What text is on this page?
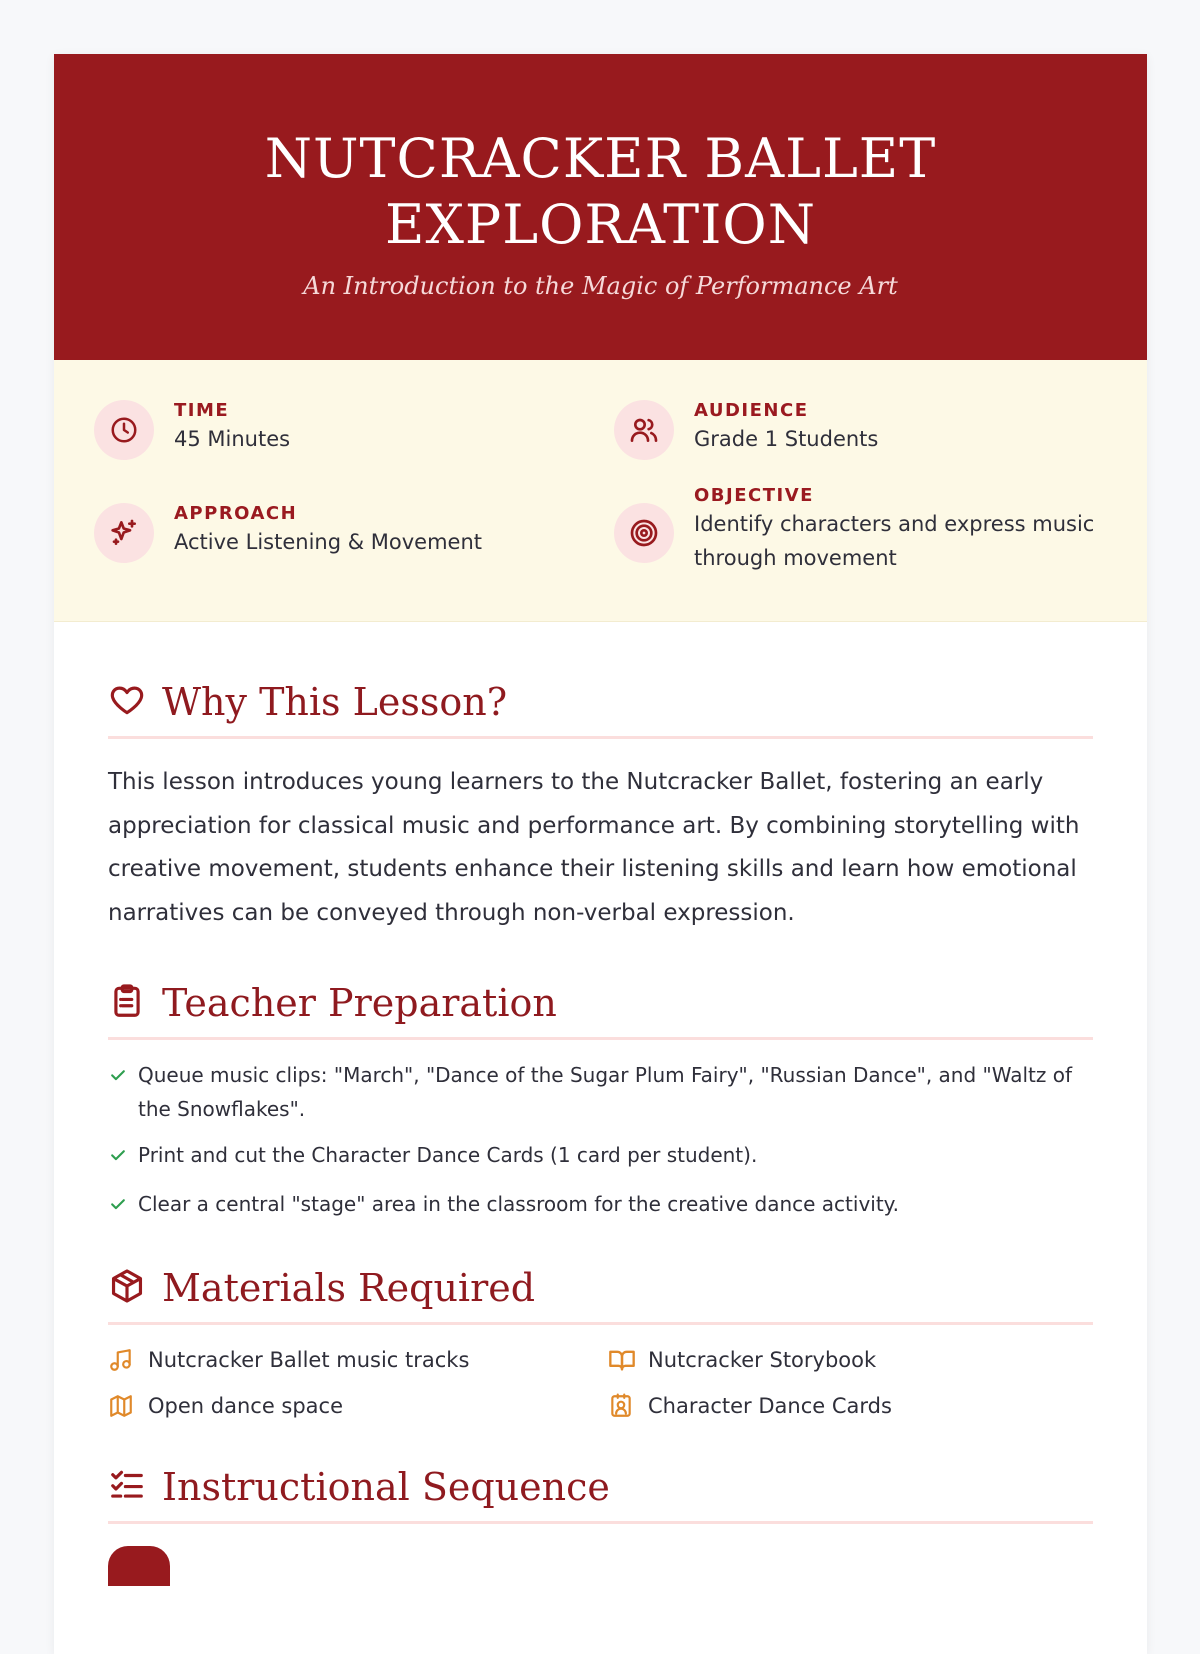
NUTCRACKER BALLET EXPLORATION
An Introduction to the Magic of Performance Art
TIME
45 Minutes
AUDIENCE
Grade 1 Students
APPROACH
Active Listening & Movement
OBJECTIVE
Identify characters and express music through movement
Why This Lesson?

This lesson introduces young learners to the Nutcracker Ballet, fostering an early appreciation for classical music and performance art. By combining storytelling with creative movement, students enhance their listening skills and learn how emotional narratives can be conveyed through non-verbal expression.

Teacher Preparation
Queue music clips: "March", "Dance of the Sugar Plum Fairy", "Russian Dance", and "Waltz of the Snowflakes".
Print and cut the Character Dance Cards (1 card per student).
Clear a central "stage" area in the classroom for the creative dance activity.
Materials Required
Nutcracker Ballet music tracks	Nutcracker Storybook
Open dance space	Character Dance Cards
Instructional Sequence
